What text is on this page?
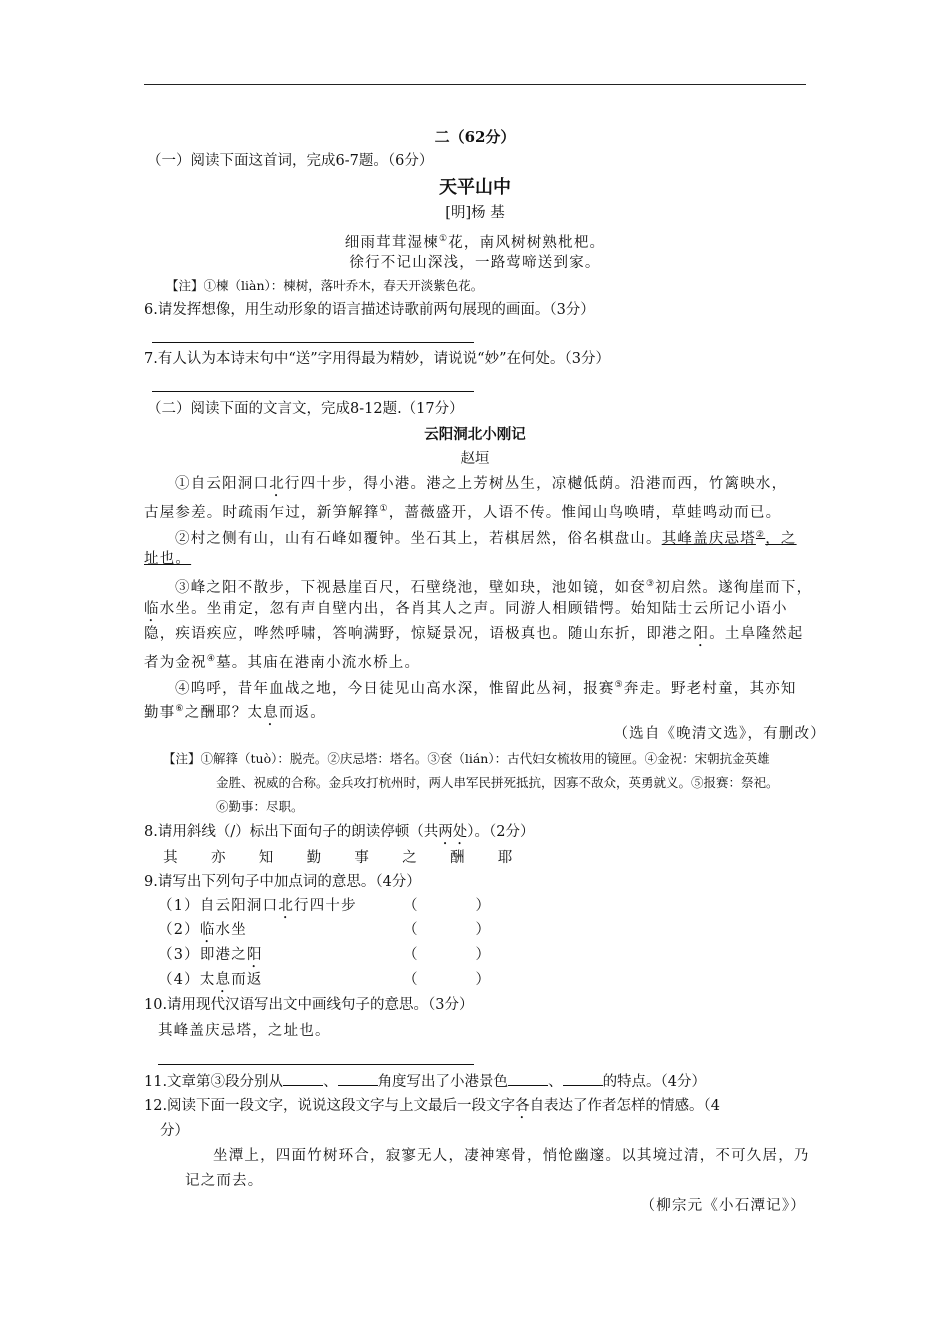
二（62分）
（一）阅读下面这首词，完成6-7题。（6分）
天平山中
[明]杨 基
细雨茸茸湿楝①花，南风树树熟枇杷。
徐行不记山深浅，一路莺啼送到家。
【注】①楝（liàn）：楝树，落叶乔木，春天开淡紫色花。
6.请发挥想像，用生动形象的语言描述诗歌前两句展现的画面。（3分）
7.有人认为本诗末句中“送”字用得最为精妙，请说说“妙”在何处。（3分）
（二）阅读下面的文言文，完成8-12题.（17分）
云阳洞北小刚记
赵垣
①自云阳洞口北行四十步，得小港。港之上芳树丛生，凉樾低荫。沿港而西，竹篱映水，
古屋参差。时疏雨乍过，新笋解箨①，蔷薇盛开，人语不传。惟闻山鸟唤晴，草蛙鸣动而已。
②村之侧有山，山有石峰如覆钟。坐石其上，若棋居然，俗名棋盘山。其峰盖庆忌塔②，之
址也。
③峰之阳不散步，下视悬崖百尺，石壁绕池，壁如玦，池如镜，如奁③初启然。遂徇崖而下，
临水坐。坐甫定，忽有声自壁内出，各肖其人之声。同游人相顾错愕。始知陆士云所记小语小
隐，疾语疾应，哗然呼啸，答响满野，惊疑景况，语极真也。随山东折，即港之阳。土阜隆然起
者为金祝④墓。其庙在港南小流水桥上。
④呜呼，昔年血战之地，今日徒见山高水深，惟留此丛祠，报赛⑤奔走。野老村童，其亦知
勤事⑥之酬耶？太息而返。
（选自《晚清文选》，有删改）
【注】①解箨（tuò）：脱壳。②庆忌塔：塔名。③奁（lián）：古代妇女梳妆用的镜匣。④金祝：宋朝抗金英雄
金胜、祝威的合称。金兵攻打杭州时，两人串军民拼死抵抗，因寡不敌众，英勇就义。⑤报赛：祭祀。
⑥勤事：尽职。
8.请用斜线（/）标出下面句子的朗读停顿（共两处）。（2分）
其 亦 知 勤 事 之 酬 耶
9.请写出下列句子中加点词的意思。（4分）
（1）自云阳洞口北行四十步	（	）
（2）临水坐	（	）
（3）即港之阳	（	）
（4）太息而返	（	）
10.请用现代汉语写出文中画线句子的意思。（3分）
其峰盖庆忌塔，之址也。
11.文章第③段分别从	、	角度写出了小港景色	、	的特点。（4分）
12.阅读下面一段文字，说说这段文字与上文最后一段文字各自表达了作者怎样的情感。（4
分）
坐潭上，四面竹树环合，寂寥无人，凄神寒骨，悄怆幽邃。以其境过清，不可久居，乃
记之而去。
（柳宗元《小石潭记》）
